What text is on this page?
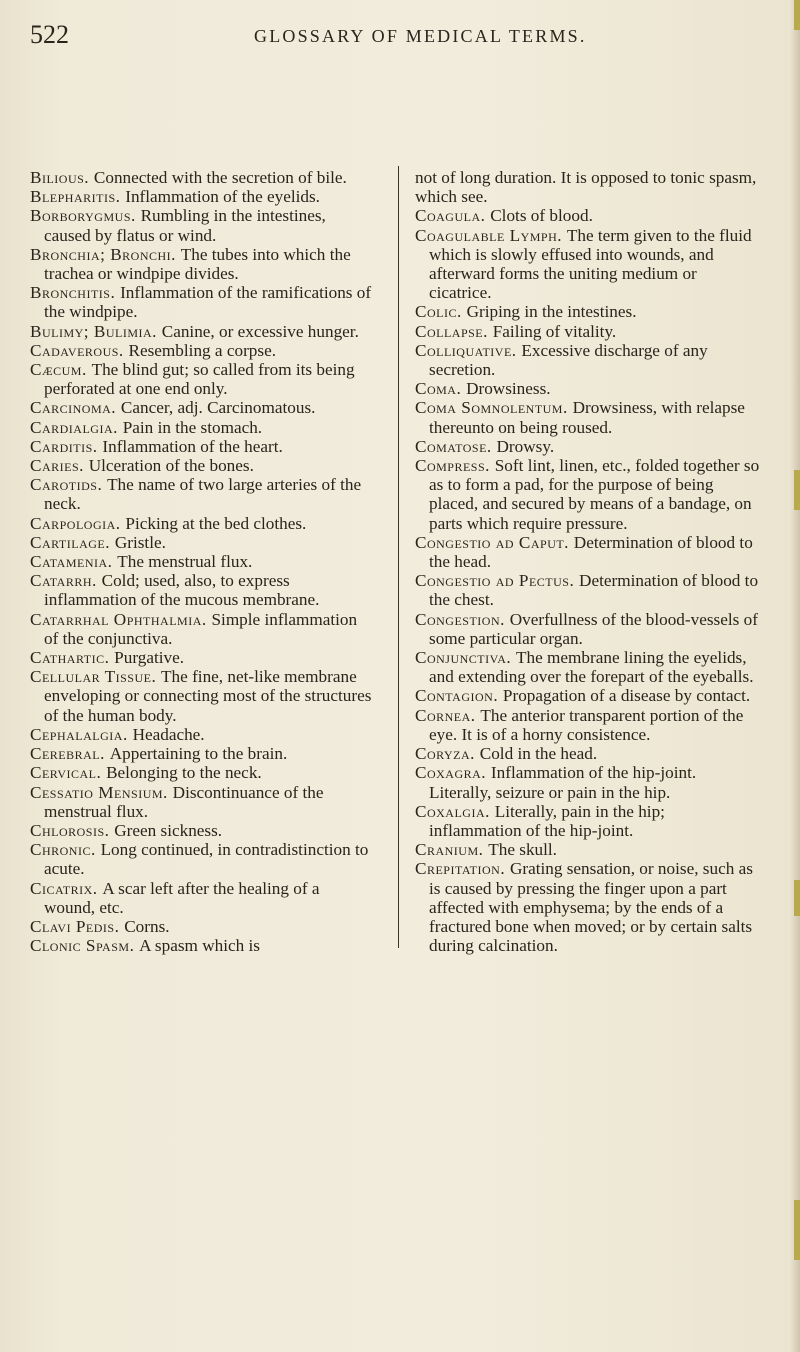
522	GLOSSARY OF MEDICAL TERMS.
Bilious. Connected with the secretion of bile.
Blepharitis. Inflammation of the eyelids.
Borborygmus. Rumbling in the intestines, caused by flatus or wind.
Bronchia; Bronchi. The tubes into which the trachea or windpipe divides.
Bronchitis. Inflammation of the ramifications of the windpipe.
Bulimy; Bulimia. Canine, or excessive hunger.
Cadaverous. Resembling a corpse.
Cæcum. The blind gut; so called from its being perforated at one end only.
Carcinoma. Cancer, adj. Carcinomatous.
Cardialgia. Pain in the stomach.
Carditis. Inflammation of the heart.
Caries. Ulceration of the bones.
Carotids. The name of two large arteries of the neck.
Carpologia. Picking at the bed clothes.
Cartilage. Gristle.
Catamenia. The menstrual flux.
Catarrh. Cold; used, also, to express inflammation of the mucous membrane.
Catarrhal Ophthalmia. Simple inflammation of the conjunctiva.
Cathartic. Purgative.
Cellular Tissue. The fine, net-like membrane enveloping or connecting most of the structures of the human body.
Cephalalgia. Headache.
Cerebral. Appertaining to the brain.
Cervical. Belonging to the neck.
Cessatio Mensium. Discontinuance of the menstrual flux.
Chlorosis. Green sickness.
Chronic. Long continued, in contradistinction to acute.
Cicatrix. A scar left after the healing of a wound, etc.
Clavi Pedis. Corns.
Clonic Spasm. A spasm which is
not of long duration. It is opposed to tonic spasm, which see.
Coagula. Clots of blood.
Coagulable Lymph. The term given to the fluid which is slowly effused into wounds, and afterward forms the uniting medium or cicatrice.
Colic. Griping in the intestines.
Collapse. Failing of vitality.
Colliquative. Excessive discharge of any secretion.
Coma. Drowsiness.
Coma Somnolentum. Drowsiness, with relapse thereunto on being roused.
Comatose. Drowsy.
Compress. Soft lint, linen, etc., folded together so as to form a pad, for the purpose of being placed, and secured by means of a bandage, on parts which require pressure.
Congestio ad Caput. Determination of blood to the head.
Congestio ad Pectus. Determination of blood to the chest.
Congestion. Overfullness of the blood-vessels of some particular organ.
Conjunctiva. The membrane lining the eyelids, and extending over the forepart of the eyeballs.
Contagion. Propagation of a disease by contact.
Cornea. The anterior transparent portion of the eye. It is of a horny consistence.
Coryza. Cold in the head.
Coxagra. Inflammation of the hip-joint. Literally, seizure or pain in the hip.
Coxalgia. Literally, pain in the hip; inflammation of the hip-joint.
Cranium. The skull.
Crepitation. Grating sensation, or noise, such as is caused by pressing the finger upon a part affected with emphysema; by the ends of a fractured bone when moved; or by certain salts during calcination.
